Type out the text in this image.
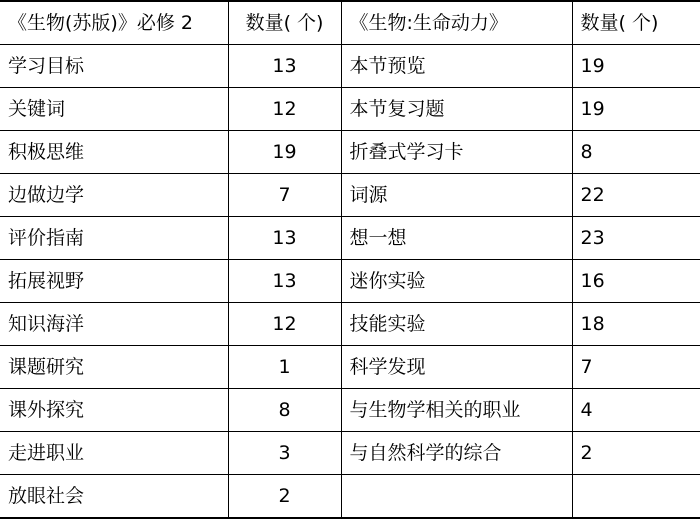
《生物(苏版)》必修 2	数量( 个)	《生物:生命动力》	数量( 个)
学习目标	13	本节预览	19
关键词	12	本节复习题	19
积极思维	19	折叠式学习卡	8
边做边学	7	词源	22
评价指南	13	想一想	23
拓展视野	13	迷你实验	16
知识海洋	12	技能实验	18
课题研究	1	科学发现	7
课外探究	8	与生物学相关的职业	4
走进职业	3	与自然科学的综合	2
放眼社会	2		
